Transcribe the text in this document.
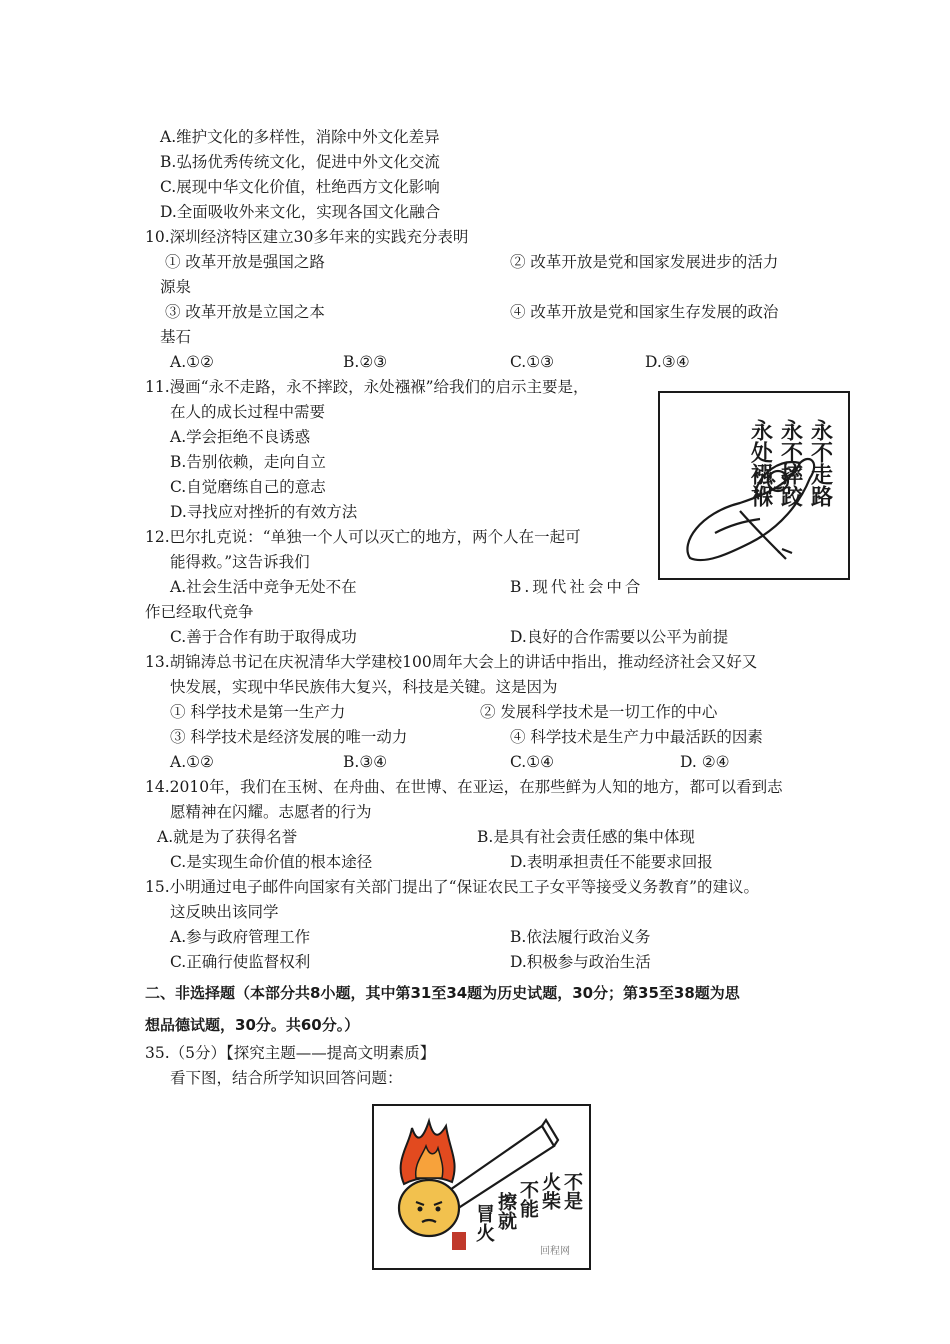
A.维护文化的多样性，消除中外文化差异
B.弘扬优秀传统文化，促进中外文化交流
C.展现中华文化价值，杜绝西方文化影响
D.全面吸收外来文化，实现各国文化融合
10.深圳经济特区建立30多年来的实践充分表明
① 改革开放是强国之路	② 改革开放是党和国家发展进步的活力
源泉
③ 改革开放是立国之本	④ 改革开放是党和国家生存发展的政治
基石
A.①②	B.②③	C.①③	D.③④
11.漫画“永不走路，永不摔跤，永处襁褓”给我们的启示主要是，
在人的成长过程中需要
A.学会拒绝不良诱惑
B.告别依赖，走向自立
C.自觉磨练自己的意志
D.寻找应对挫折的有效方法
永不走路
永不摔跤
永处襁褓
12.巴尔扎克说：“单独一个人可以灭亡的地方，两个人在一起可
能得救。”这告诉我们
A.社会生活中竞争无处不在	B.现代社会中合
作已经取代竞争
C.善于合作有助于取得成功	D.良好的合作需要以公平为前提
13.胡锦涛总书记在庆祝清华大学建校100周年大会上的讲话中指出，推动经济社会又好又
快发展，实现中华民族伟大复兴，科技是关键。这是因为
① 科学技术是第一生产力	② 发展科学技术是一切工作的中心
③ 科学技术是经济发展的唯一动力	④ 科学技术是生产力中最活跃的因素
A.①②	B.③④	C.①④	D. ②④
14.2010年，我们在玉树、在舟曲、在世博、在亚运，在那些鲜为人知的地方，都可以看到志
愿精神在闪耀。志愿者的行为
A.就是为了获得名誉	B.是具有社会责任感的集中体现
C.是实现生命价值的根本途径	D.表明承担责任不能要求回报
15.小明通过电子邮件向国家有关部门提出了“保证农民工子女平等接受义务教育”的建议。
这反映出该同学
A.参与政府管理工作	B.依法履行政治义务
C.正确行使监督权利	D.积极参与政治生活
二、非选择题（本部分共8小题，其中第31至34题为历史试题，30分；第35至38题为思
想品德试题，30分。共60分。）
35.（5分）【探究主题——提高文明素质】
看下图，结合所学知识回答问题：
不是
火柴
不能
擦就
冒火
回程网
